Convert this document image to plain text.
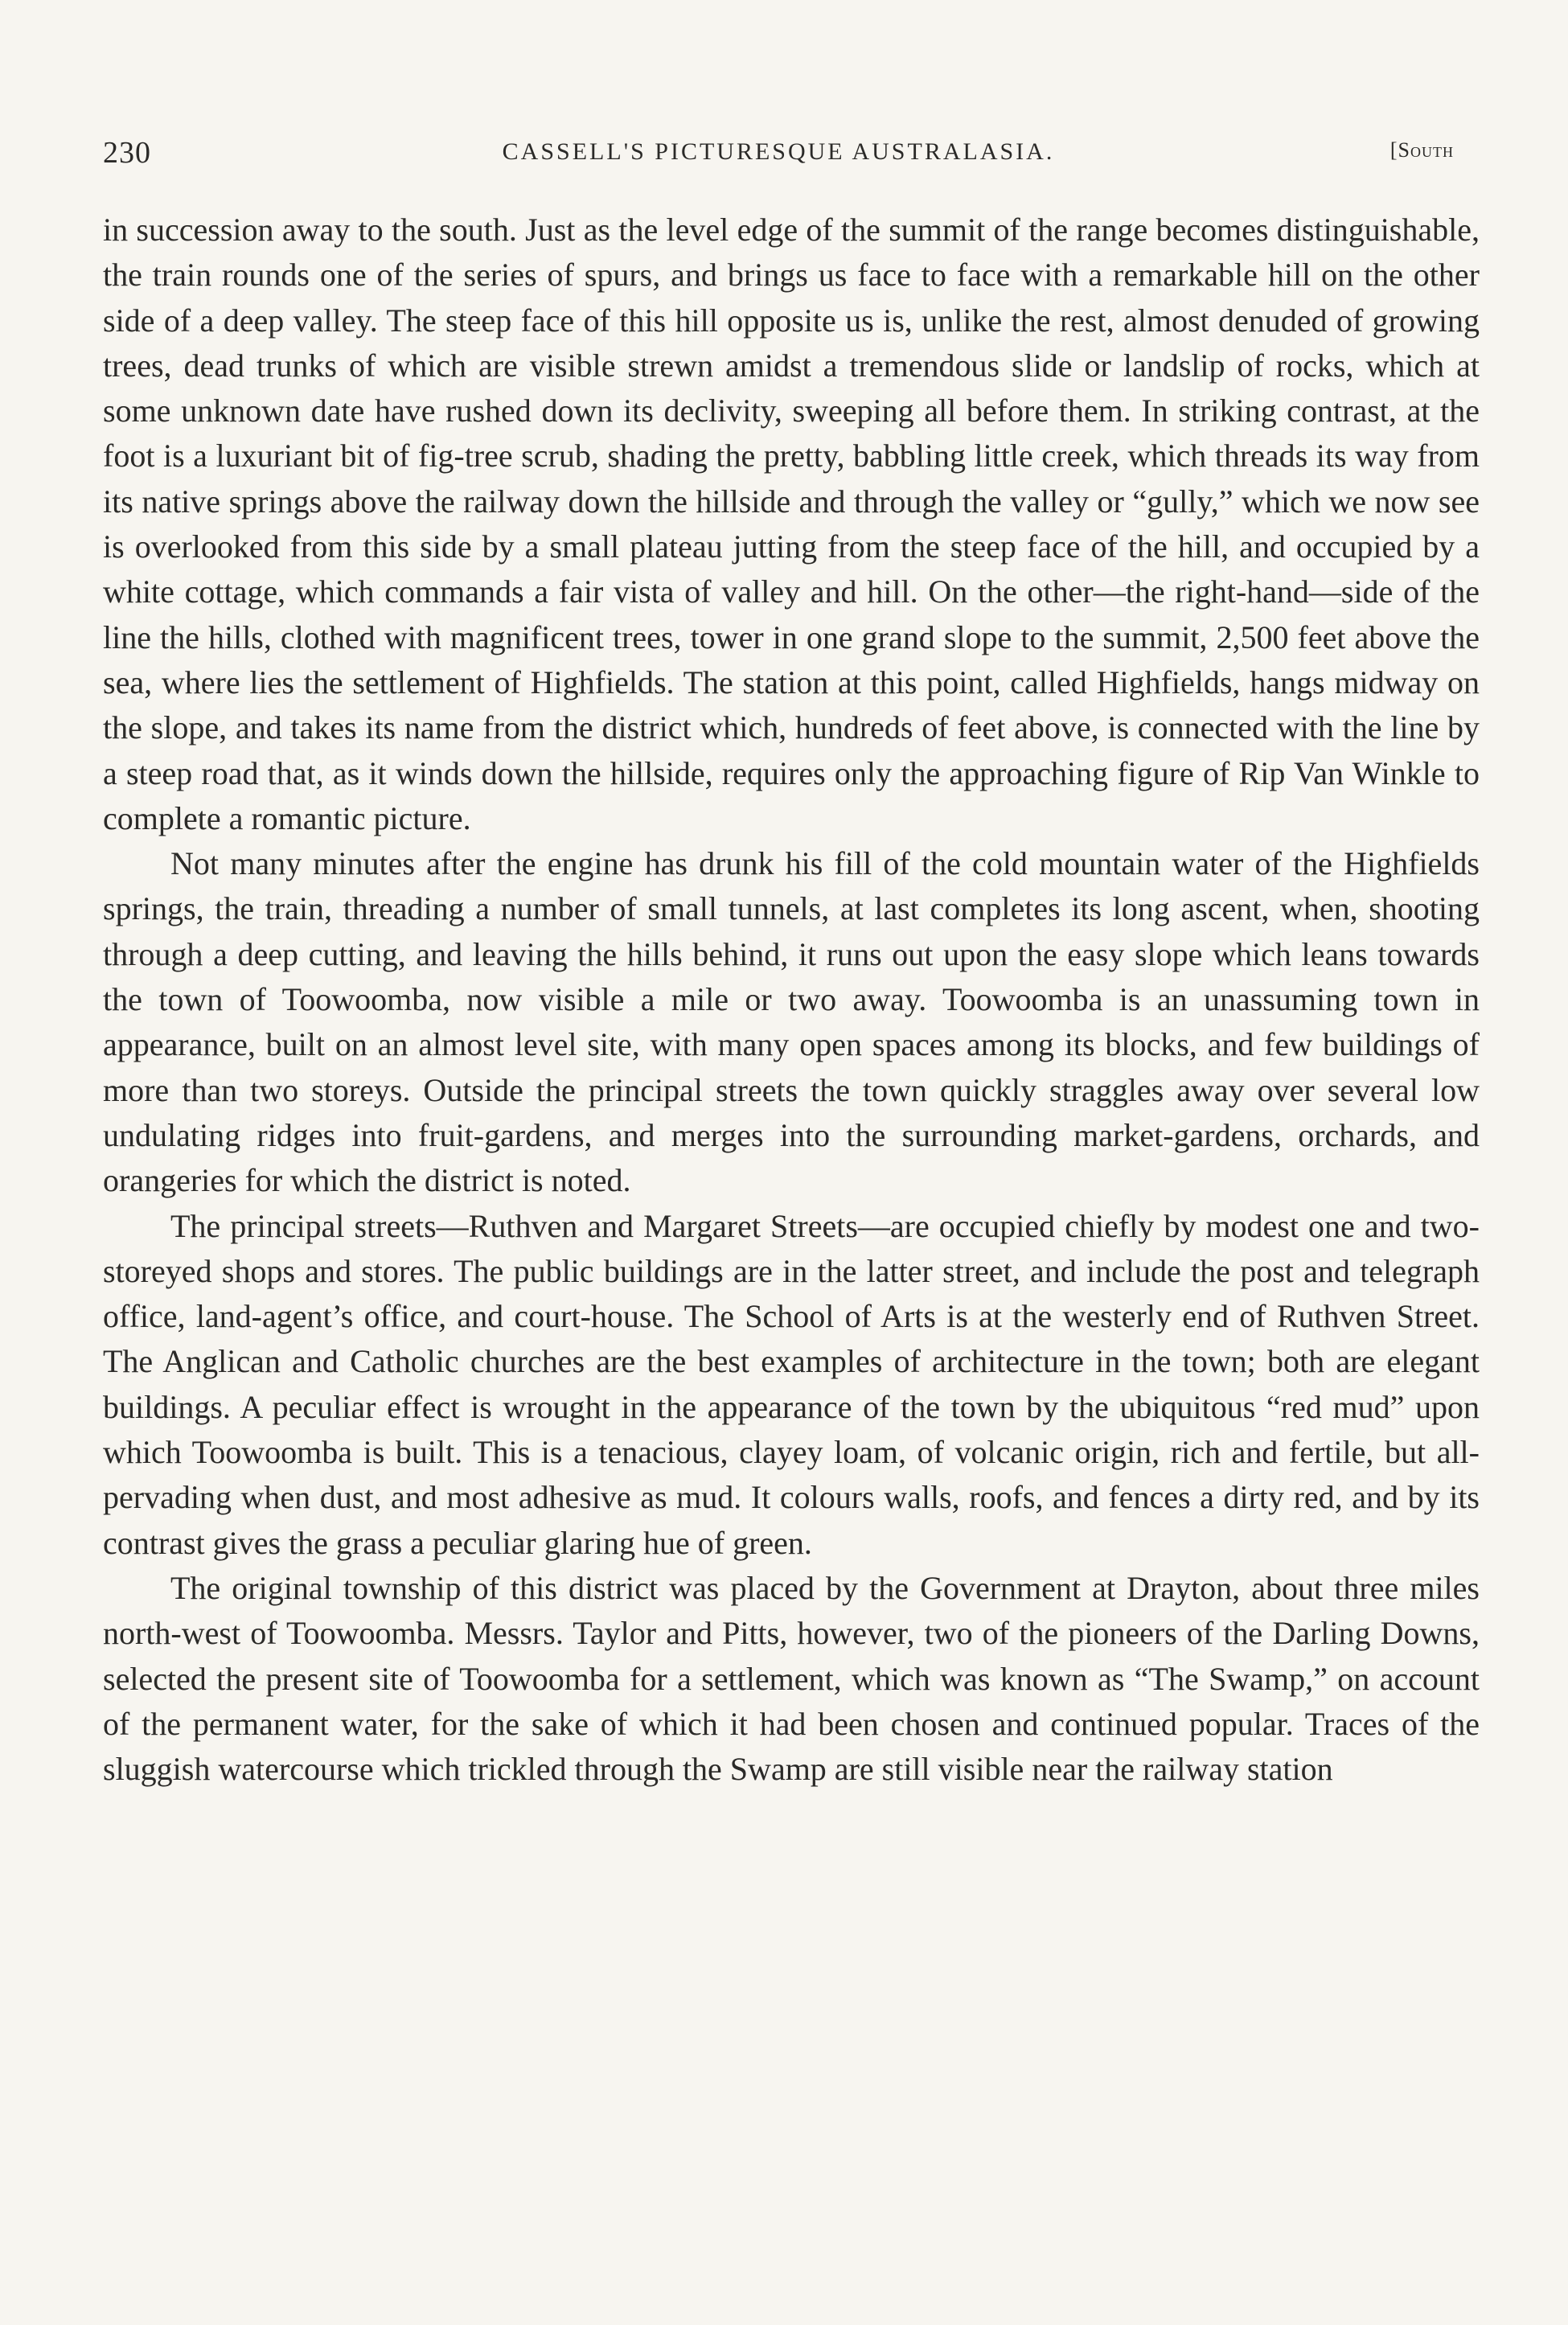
230	CASSELL'S PICTURESQUE AUSTRALASIA.	[South

in succession away to the south. Just as the level edge of the summit of the range becomes distinguishable, the train rounds one of the series of spurs, and brings us face to face with a remarkable hill on the other side of a deep valley. The steep face of this hill opposite us is, unlike the rest, almost denuded of growing trees, dead trunks of which are visible strewn amidst a tremendous slide or landslip of rocks, which at some unknown date have rushed down its declivity, sweeping all before them. In striking contrast, at the foot is a luxuriant bit of fig-tree scrub, shading the pretty, babbling little creek, which threads its way from its native springs above the railway down the hillside and through the valley or “gully,” which we now see is overlooked from this side by a small plateau jutting from the steep face of the hill, and occupied by a white cottage, which commands a fair vista of valley and hill. On the other—the right-hand—side of the line the hills, clothed with magnificent trees, tower in one grand slope to the summit, 2,500 feet above the sea, where lies the settlement of Highfields. The station at this point, called Highfields, hangs midway on the slope, and takes its name from the district which, hundreds of feet above, is connected with the line by a steep road that, as it winds down the hillside, requires only the approaching figure of Rip Van Winkle to complete a romantic picture.

Not many minutes after the engine has drunk his fill of the cold mountain water of the Highfields springs, the train, threading a number of small tunnels, at last completes its long ascent, when, shooting through a deep cutting, and leaving the hills behind, it runs out upon the easy slope which leans towards the town of Toowoomba, now visible a mile or two away. Toowoomba is an unassuming town in appearance, built on an almost level site, with many open spaces among its blocks, and few buildings of more than two storeys. Outside the principal streets the town quickly straggles away over several low undulating ridges into fruit-gardens, and merges into the surrounding market-gardens, orchards, and orangeries for which the district is noted.

The principal streets—Ruthven and Margaret Streets—are occupied chiefly by modest one and two-storeyed shops and stores. The public buildings are in the latter street, and include the post and telegraph office, land-agent’s office, and court-house. The School of Arts is at the westerly end of Ruthven Street. The Anglican and Catholic churches are the best examples of architecture in the town; both are elegant buildings. A peculiar effect is wrought in the appearance of the town by the ubiquitous “red mud” upon which Toowoomba is built. This is a tenacious, clayey loam, of volcanic origin, rich and fertile, but all-pervading when dust, and most adhesive as mud. It colours walls, roofs, and fences a dirty red, and by its contrast gives the grass a peculiar glaring hue of green.

The original township of this district was placed by the Government at Drayton, about three miles north-west of Toowoomba. Messrs. Taylor and Pitts, however, two of the pioneers of the Darling Downs, selected the present site of Toowoomba for a settlement, which was known as “The Swamp,” on account of the permanent water, for the sake of which it had been chosen and continued popular. Traces of the sluggish watercourse which trickled through the Swamp are still visible near the railway station
